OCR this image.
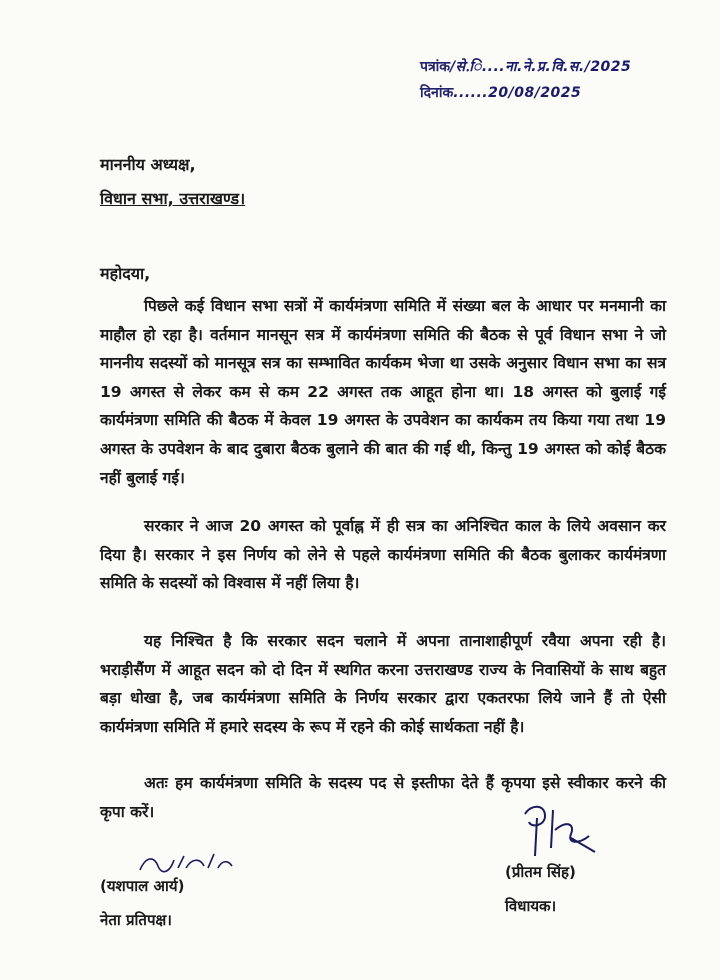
पत्रांक/से.ि....ना.ने.प्र.वि.स./2025
दिनांक......20/08/2025
माननीय अध्यक्ष,
विधान सभा, उत्तराखण्ड।
महोदया,

पिछले कई विधान सभा सत्रों में कार्यमंत्रणा समिति में संख्या बल के आधार पर मनमानी का माहौल हो रहा है। वर्तमान मानसून सत्र में कार्यमंत्रणा समिति की बैठक से पूर्व विधान सभा ने जो माननीय सदस्यों को मानसूत्र सत्र का सम्भावित कार्यकम भेजा था उसके अनुसार विधान सभा का सत्र 19 अगस्त से लेकर कम से कम 22 अगस्त तक आहूत होना था। 18 अगस्त को बुलाई गई कार्यमंत्रणा समिति की बैठक में केवल 19 अगस्त के उपवेशन का कार्यकम तय किया गया तथा 19 अगस्त के उपवेशन के बाद दुबारा बैठक बुलाने की बात की गई थी, किन्तु 19 अगस्त को कोई बैठक नहीं बुलाई गई।

सरकार ने आज 20 अगस्त को पूर्वाह्न में ही सत्र का अनिश्चित काल के लिये अवसान कर दिया है। सरकार ने इस निर्णय को लेने से पहले कार्यमंत्रणा समिति की बैठक बुलाकर कार्यमंत्रणा समिति के सदस्यों को विश्वास में नहीं लिया है।

यह निश्चित है कि सरकार सदन चलाने में अपना तानाशाहीपूर्ण रवैया अपना रही है। भराड़ीसैंण में आहूत सदन को दो दिन में स्थगित करना उत्तराखण्ड राज्य के निवासियों के साथ बहुत बड़ा धोखा है, जब कार्यमंत्रणा समिति के निर्णय सरकार द्वारा एकतरफा लिये जाने हैं तो ऐसी कार्यमंत्रणा समिति में हमारे सदस्य के रूप में रहने की कोई सार्थकता नहीं है।

अतः हम कार्यमंत्रणा समिति के सदस्य पद से इस्तीफा देते हैं कृपया इसे स्वीकार करने की कृपा करें।

(यशपाल आर्य)
नेता प्रतिपक्ष।
(प्रीतम सिंह)
विधायक।
